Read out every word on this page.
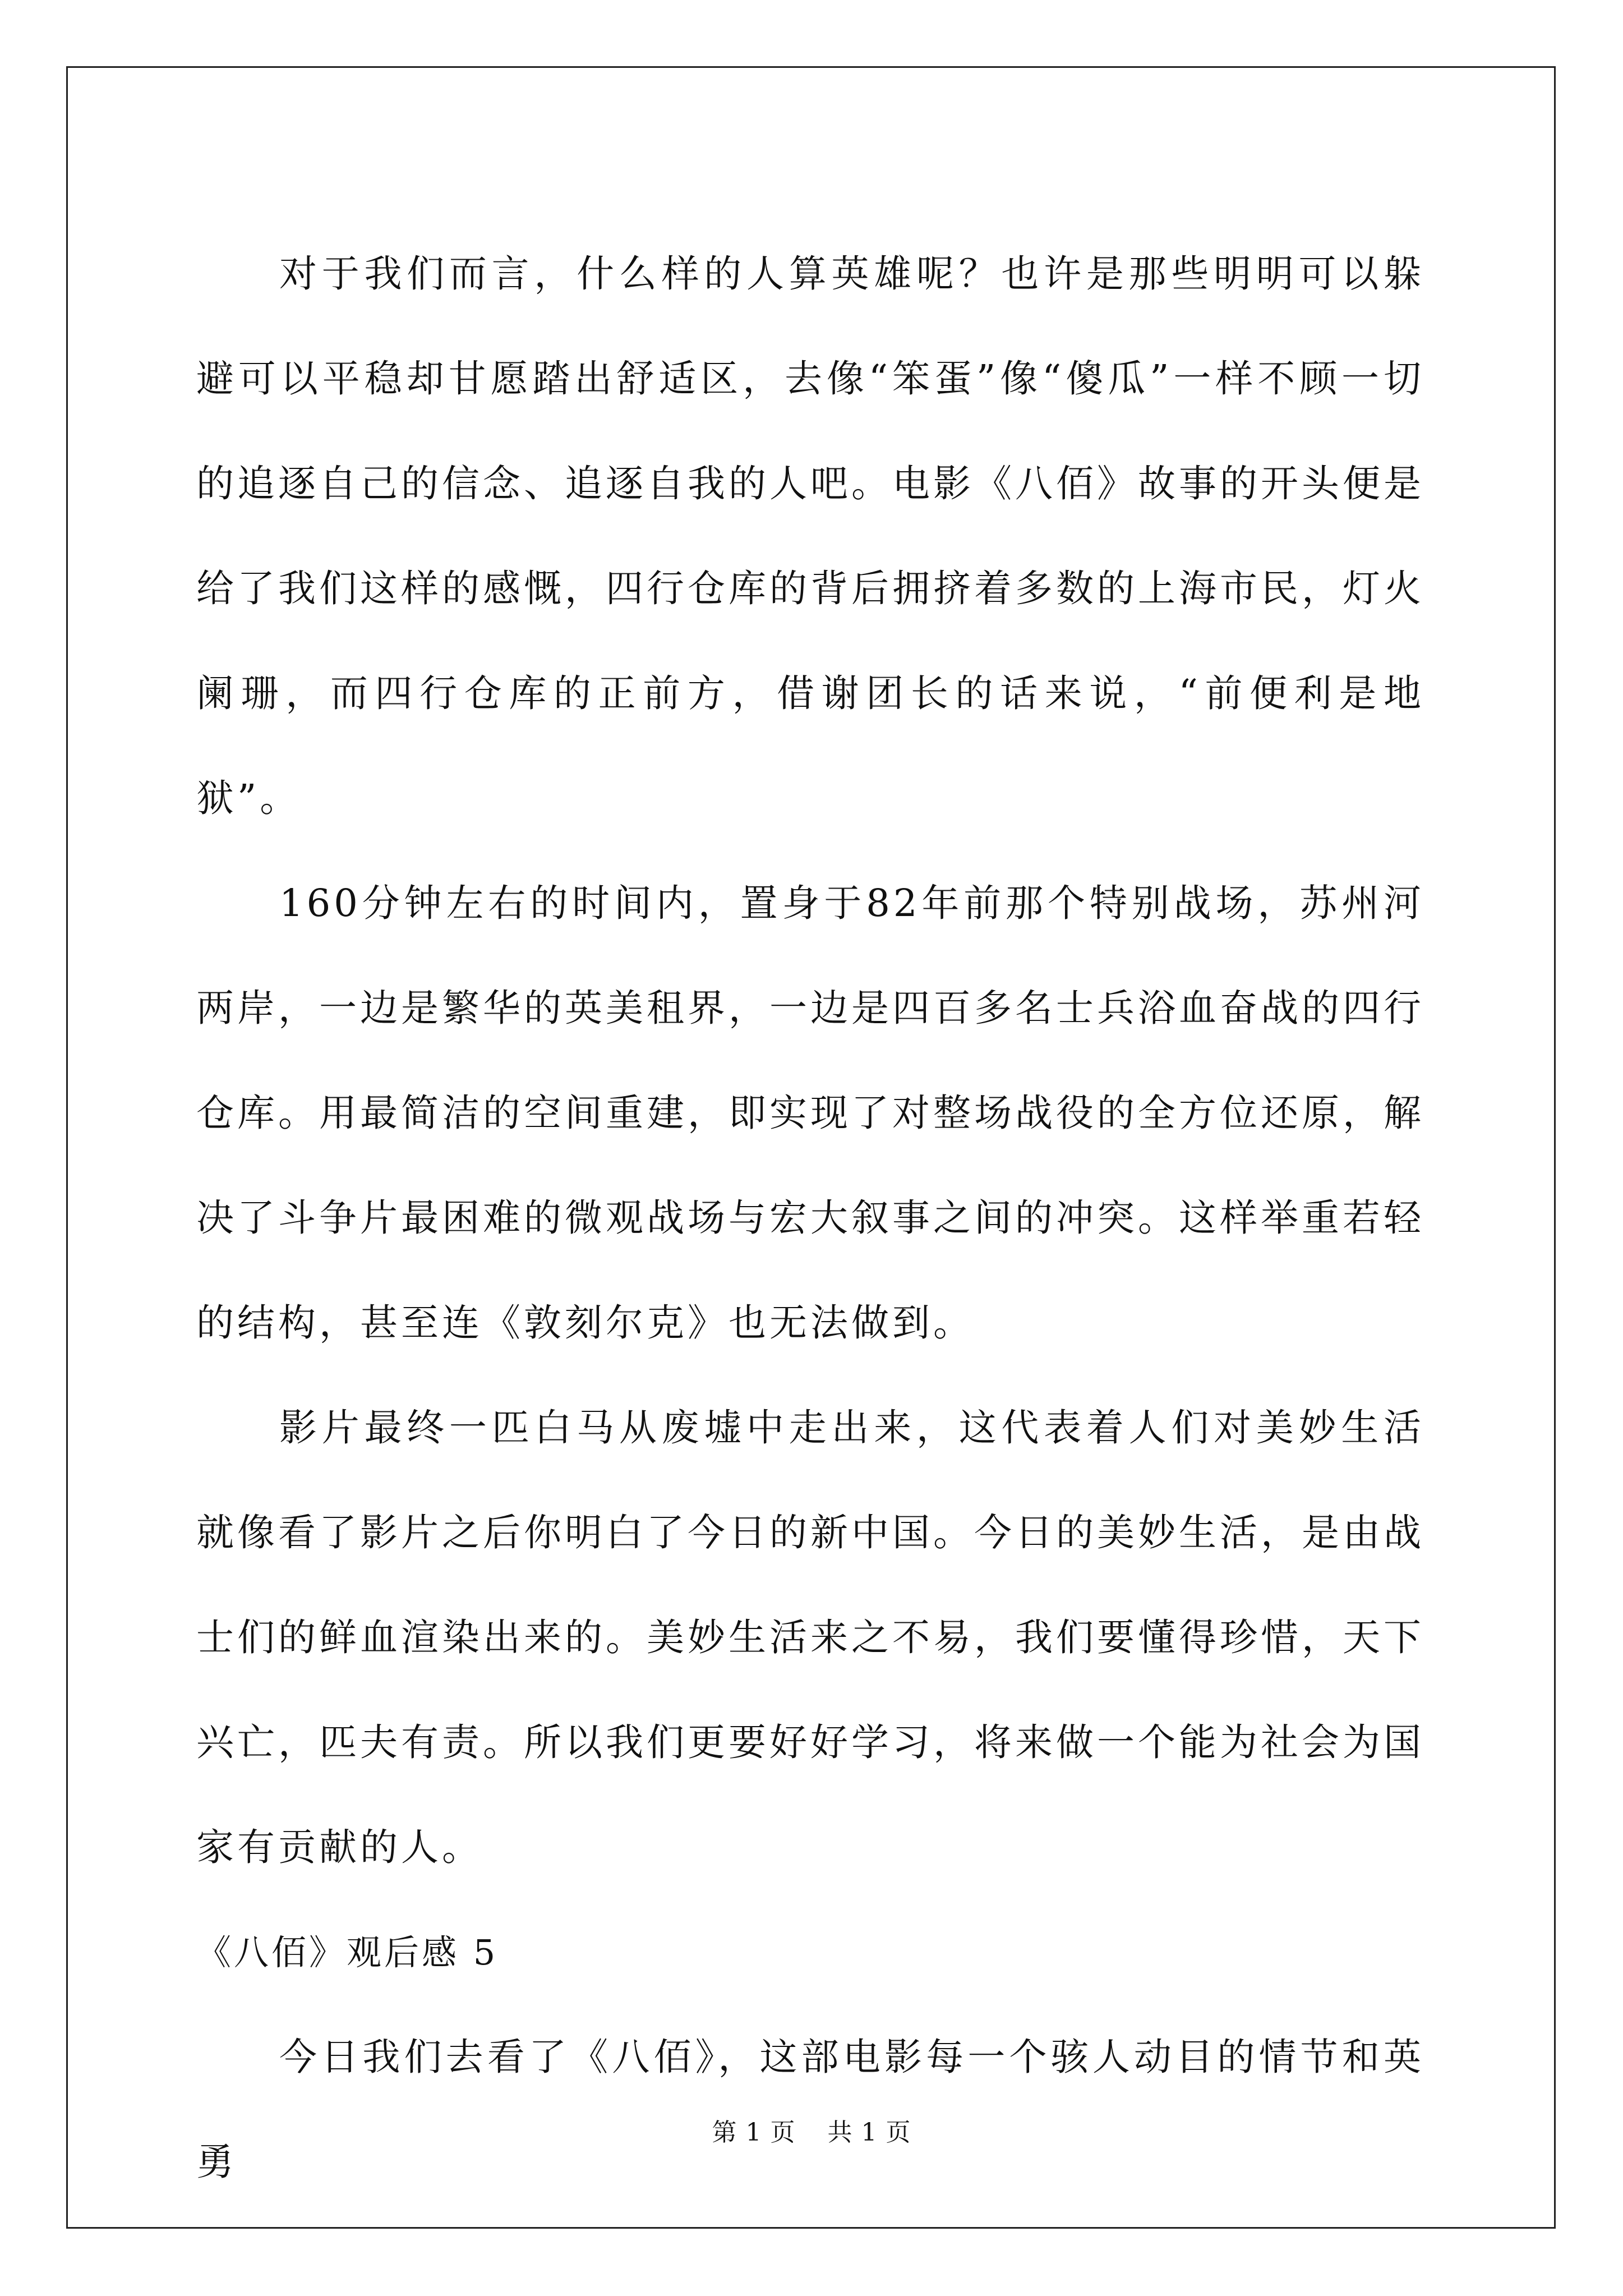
对于我们而言，什么样的人算英雄呢？也许是那些明明可以躲避可以平稳却甘愿踏出舒适区，去像“笨蛋”像“傻瓜”一样不顾一切的追逐自己的信念、追逐自我的人吧。电影《八佰》故事的开头便是给了我们这样的感慨，四行仓库的背后拥挤着多数的上海市民，灯火阑珊，而四行仓库的正前方，借谢团长的话来说，“前便利是地狱”。

160分钟左右的时间内，置身于82年前那个特别战场，苏州河两岸，一边是繁华的英美租界，一边是四百多名士兵浴血奋战的四行仓库。用最简洁的空间重建，即实现了对整场战役的全方位还原，解决了斗争片最困难的微观战场与宏大叙事之间的冲突。这样举重若轻的结构，甚至连《敦刻尔克》也无法做到。

影片最终一匹白马从废墟中走出来，这代表着人们对美妙生活就像看了影片之后你明白了今日的新中国。今日的美妙生活，是由战士们的鲜血渲染出来的。美妙生活来之不易，我们要懂得珍惜，天下兴亡，匹夫有责。所以我们更要好好学习，将来做一个能为社会为国家有贡献的人。

《八佰》观后感 5

今日我们去看了《八佰》，这部电影每一个骇人动目的情节和英勇

第 1 页 共 1 页
